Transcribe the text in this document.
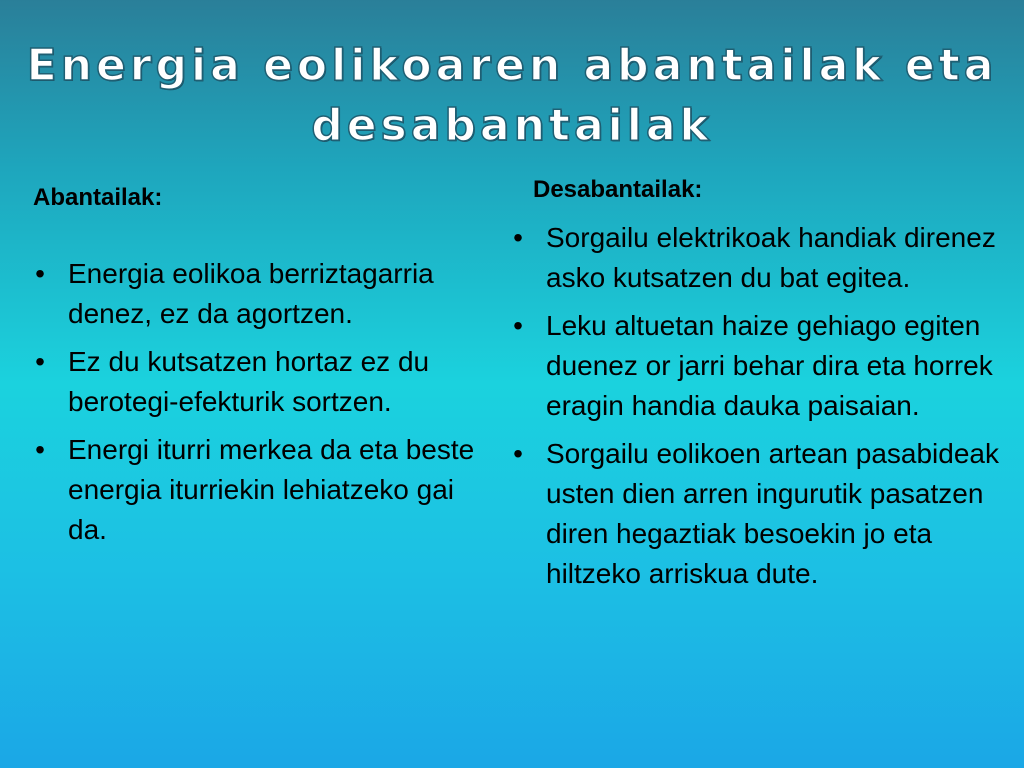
Energia eolikoaren abantailak eta
desabantailak
Abantailak:
• Energia eolikoa berriztagarria denez, ez da agortzen.
• Ez du kutsatzen hortaz ez du berotegi-efekturik sortzen.
• Energi iturri merkea da eta beste energia iturriekin lehiatzeko gai da.
Desabantailak:
• Sorgailu elektrikoak handiak direnez asko kutsatzen du bat egitea.
• Leku altuetan haize gehiago egiten duenez or jarri behar dira eta horrek eragin handia dauka paisaian.
• Sorgailu eolikoen artean pasabideak usten dien arren ingurutik pasatzen diren hegaztiak besoekin jo eta hiltzeko arriskua dute.
